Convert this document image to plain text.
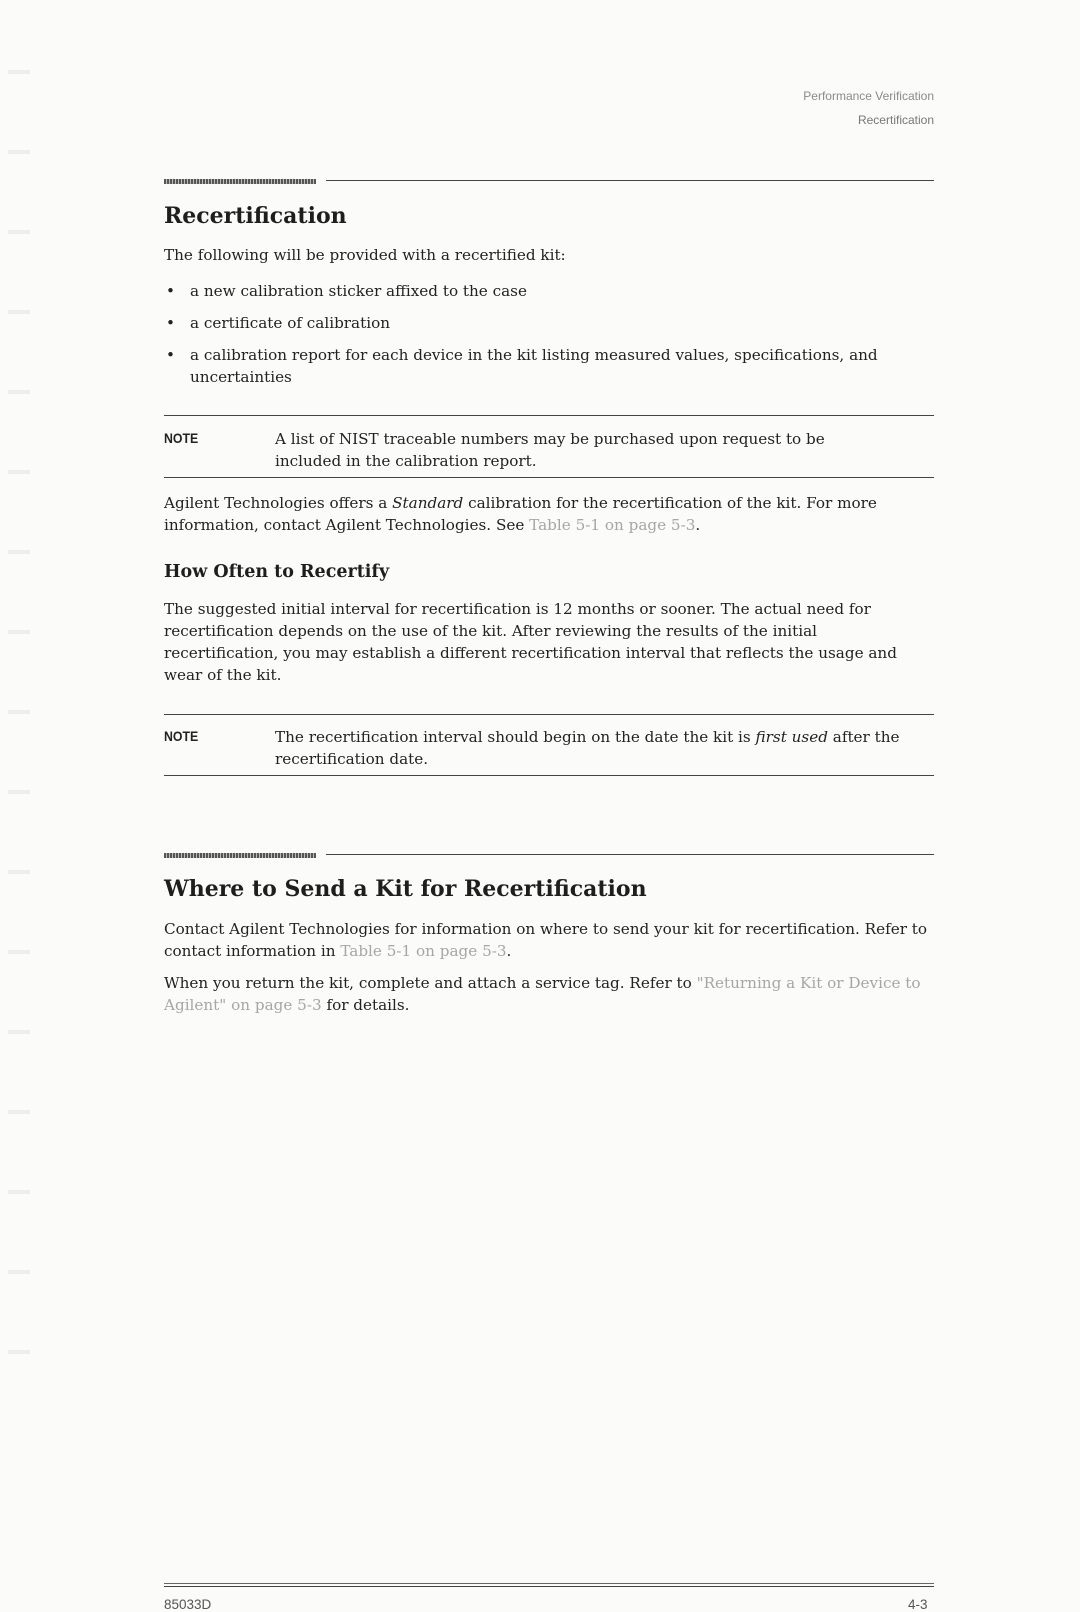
Performance Verification
Recertification
Recertification

The following will be provided with a recertified kit:

• a new calibration sticker affixed to the case
• a certificate of calibration
• a calibration report for each device in the kit listing measured values, specifications, and uncertainties
NOTE	A list of NIST traceable numbers may be purchased upon request to be included in the calibration report.

Agilent Technologies offers a Standard calibration for the recertification of the kit. For more information, contact Agilent Technologies. See Table 5-1 on page 5-3.

How Often to Recertify

The suggested initial interval for recertification is 12 months or sooner. The actual need for recertification depends on the use of the kit. After reviewing the results of the initial recertification, you may establish a different recertification interval that reflects the usage and wear of the kit.

NOTE	The recertification interval should begin on the date the kit is first used after the recertification date.

Where to Send a Kit for Recertification

Contact Agilent Technologies for information on where to send your kit for recertification. Refer to contact information in Table 5-1 on page 5-3.

When you return the kit, complete and attach a service tag. Refer to "Returning a Kit or Device to Agilent" on page 5-3 for details.

85033D	4-3
